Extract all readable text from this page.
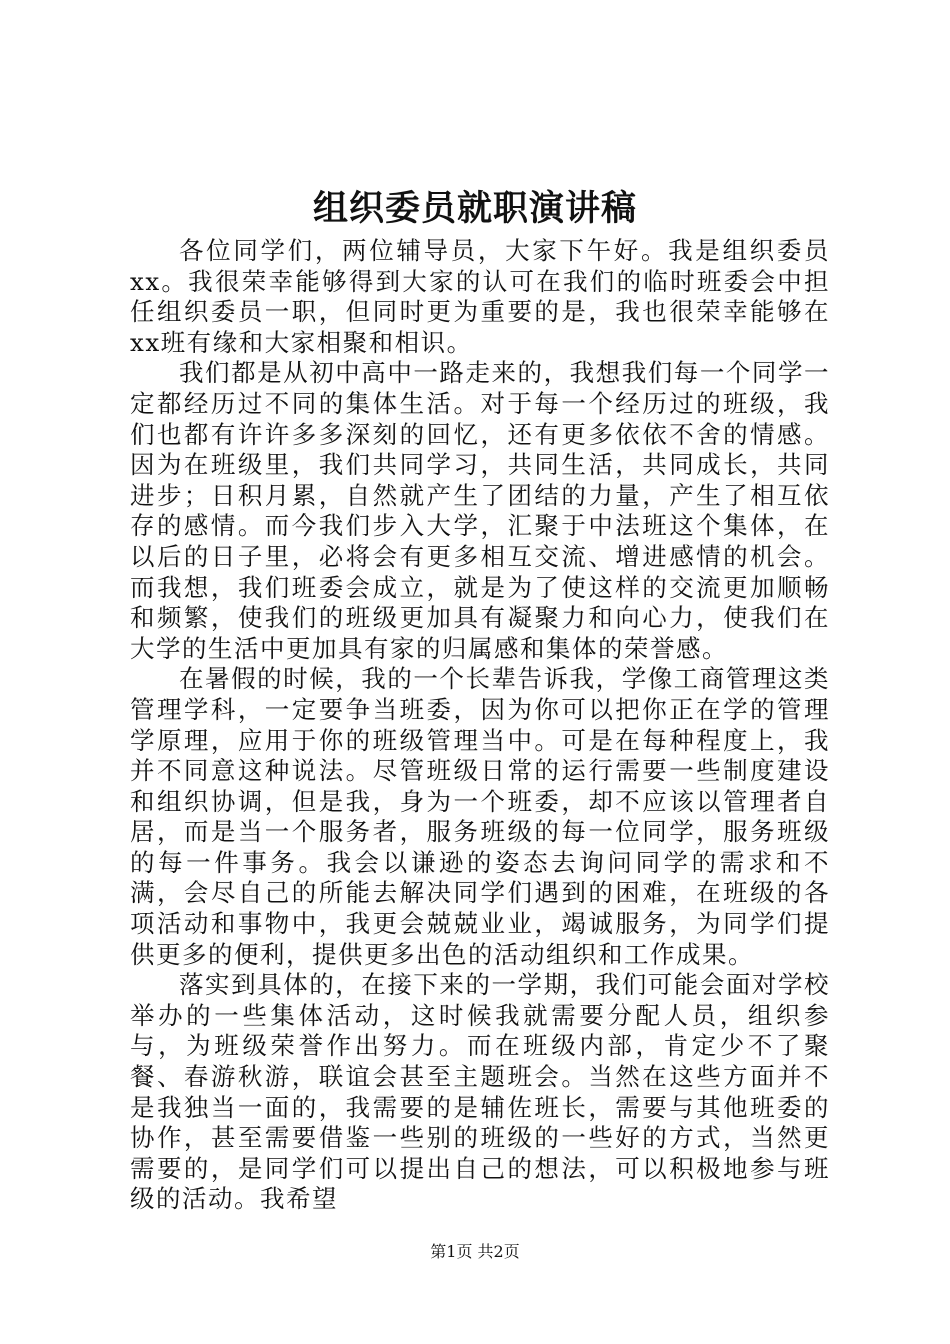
组织委员就职演讲稿

各位同学们，两位辅导员，大家下午好。我是组织委员xx。我很荣幸能够得到大家的认可在我们的临时班委会中担任组织委员一职，但同时更为重要的是，我也很荣幸能够在xx班有缘和大家相聚和相识。

我们都是从初中高中一路走来的，我想我们每一个同学一定都经历过不同的集体生活。对于每一个经历过的班级，我们也都有许许多多深刻的回忆，还有更多依依不舍的情感。因为在班级里，我们共同学习，共同生活，共同成长，共同进步；日积月累，自然就产生了团结的力量，产生了相互依存的感情。而今我们步入大学，汇聚于中法班这个集体，在以后的日子里，必将会有更多相互交流、增进感情的机会。而我想，我们班委会成立，就是为了使这样的交流更加顺畅和频繁，使我们的班级更加具有凝聚力和向心力，使我们在大学的生活中更加具有家的归属感和集体的荣誉感。

在暑假的时候，我的一个长辈告诉我，学像工商管理这类管理学科，一定要争当班委，因为你可以把你正在学的管理学原理，应用于你的班级管理当中。可是在每种程度上，我并不同意这种说法。尽管班级日常的运行需要一些制度建设和组织协调，但是我，身为一个班委，却不应该以管理者自居，而是当一个服务者，服务班级的每一位同学，服务班级的每一件事务。我会以谦逊的姿态去询问同学的需求和不满，会尽自己的所能去解决同学们遇到的困难，在班级的各项活动和事物中，我更会兢兢业业，竭诚服务，为同学们提供更多的便利，提供更多出色的活动组织和工作成果。

落实到具体的，在接下来的一学期，我们可能会面对学校举办的一些集体活动，这时候我就需要分配人员，组织参与，为班级荣誉作出努力。而在班级内部，肯定少不了聚餐、春游秋游，联谊会甚至主题班会。当然在这些方面并不是我独当一面的，我需要的是辅佐班长，需要与其他班委的协作，甚至需要借鉴一些别的班级的一些好的方式，当然更需要的，是同学们可以提出自己的想法，可以积极地参与班级的活动。我希望

第1页 共2页
